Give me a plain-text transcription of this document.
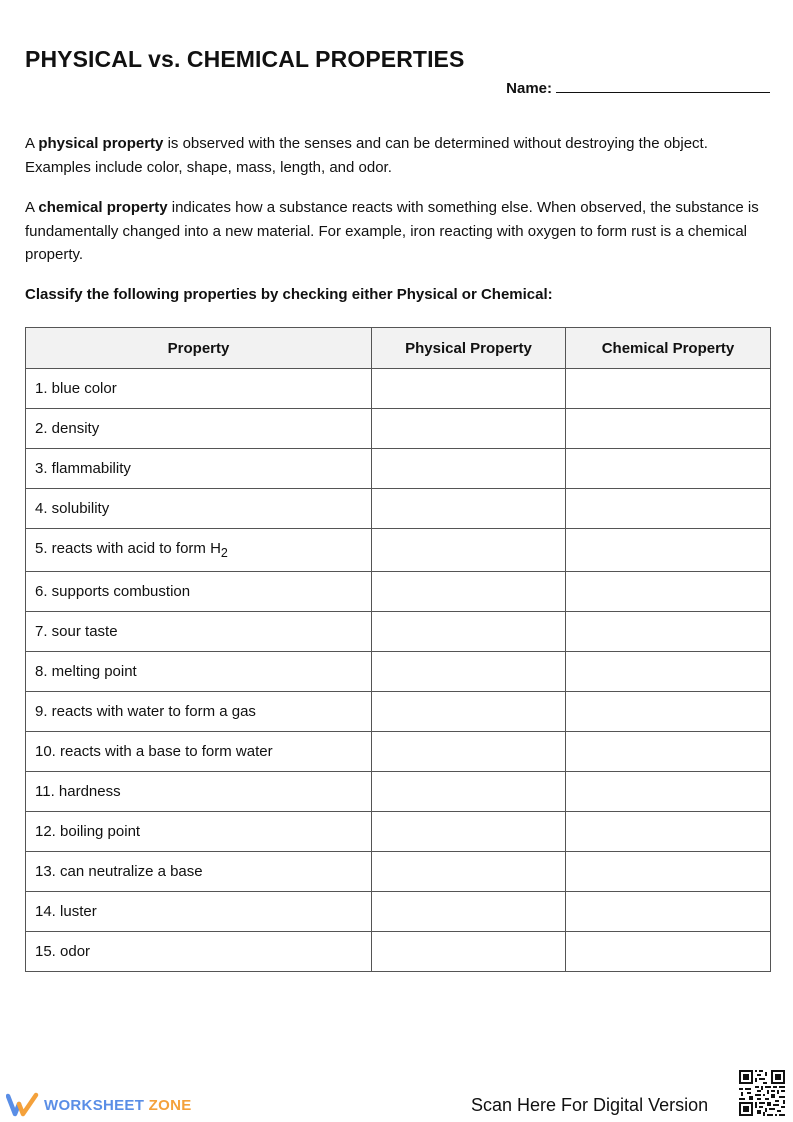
PHYSICAL vs. CHEMICAL PROPERTIES
Name:

A physical property is observed with the senses and can be determined without destroying the object. Examples include color, shape, mass, length, and odor.

A chemical property indicates how a substance reacts with something else. When observed, the substance is fundamentally changed into a new material. For example, iron reacting with oxygen to form rust is a chemical property.

Classify the following properties by checking either Physical or Chemical:

Property	Physical Property	Chemical Property
1. blue color		
2. density		
3. flammability		
4. solubility		
5. reacts with acid to form $H_2$		
6. supports combustion		
7. sour taste		
8. melting point		
9. reacts with water to form a gas		
10. reacts with a base to form water		
11. hardness		
12. boiling point		
13. can neutralize a base		
14. luster		
15. odor		
WORKSHEET ZONE	Scan Here For Digital Version
